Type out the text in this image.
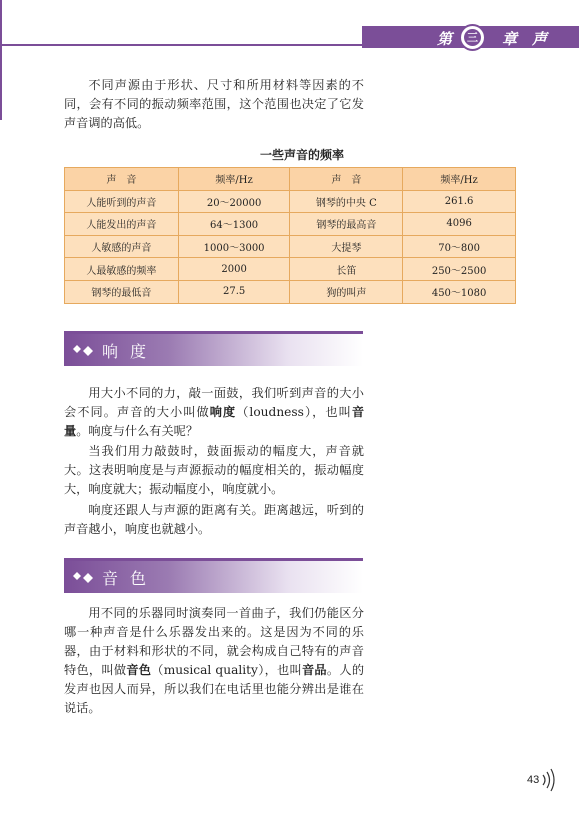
第 三 章 声

不同声源由于形状、尺寸和所用材料等因素的不同，会有不同的振动频率范围，这个范围也决定了它发声音调的高低。

一些声音的频率
声　音	频率/Hz	声　音	频率/Hz
人能听到的声音	20～20000	钢琴的中央 C	261.6
人能发出的声音	64～1300	钢琴的最高音	4096
人敏感的声音	1000～3000	大提琴	70～800
人最敏感的频率	2000	长笛	250～2500
钢琴的最低音	27.5	狗的叫声	450～1080
响度

用大小不同的力，敲一面鼓，我们听到声音的大小会不同。声音的大小叫做响度（loudness），也叫音量。响度与什么有关呢？

当我们用力敲鼓时，鼓面振动的幅度大，声音就大。这表明响度是与声源振动的幅度相关的，振动幅度大，响度就大；振动幅度小，响度就小。

响度还跟人与声源的距离有关。距离越远，听到的声音越小，响度也就越小。

音色

用不同的乐器同时演奏同一首曲子，我们仍能区分哪一种声音是什么乐器发出来的。这是因为不同的乐器，由于材料和形状的不同，就会构成自己特有的声音特色，叫做音色（musical quality），也叫音品。人的发声也因人而异，所以我们在电话里也能分辨出是谁在说话。

43
